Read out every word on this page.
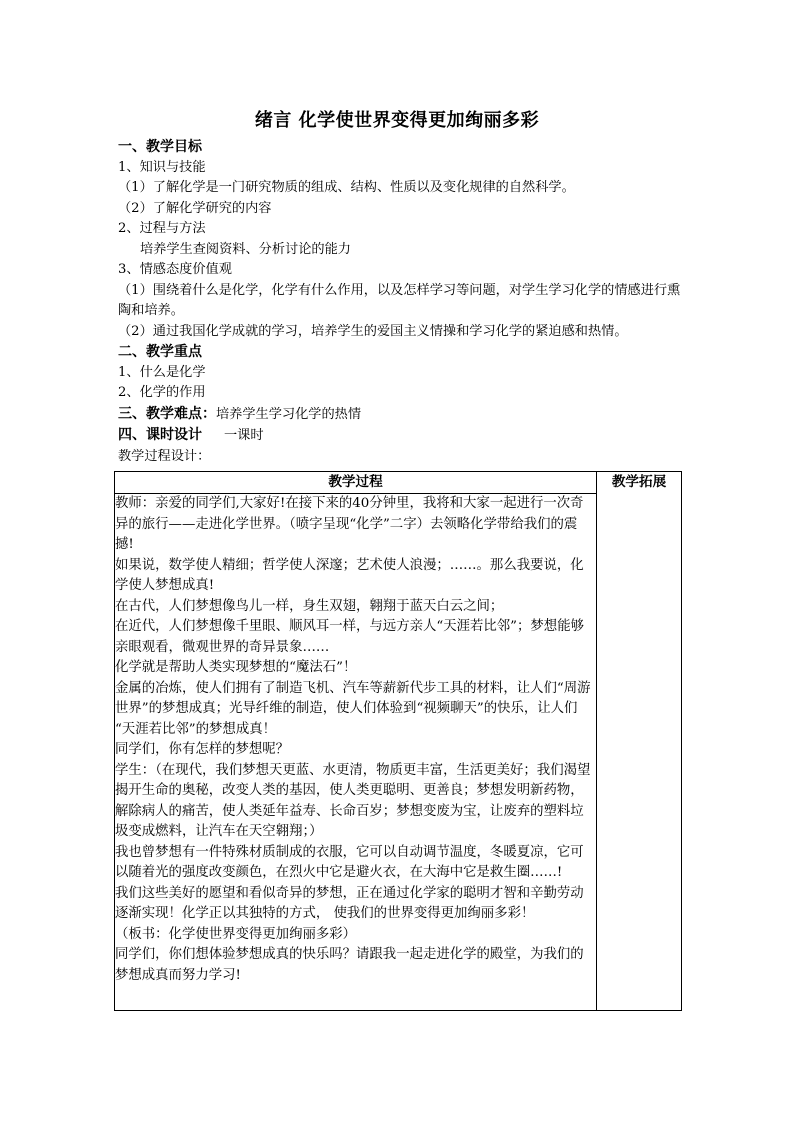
绪言 化学使世界变得更加绚丽多彩
一、教学目标
1、知识与技能
（1）了解化学是一门研究物质的组成、结构、性质以及变化规律的自然科学。
（2）了解化学研究的内容
2、过程与方法
培养学生查阅资料、分析讨论的能力
3、情感态度价值观
（1）围绕着什么是化学，化学有什么作用，以及怎样学习等问题，对学生学习化学的情感进行熏陶和培养。
（2）通过我国化学成就的学习，培养学生的爱国主义情操和学习化学的紧迫感和热情。
二、教学重点
1、什么是化学
2、化学的作用
三、教学难点：培养学生学习化学的热情
四、课时设计 一课时
教学过程设计：
教学过程	教学拓展

教师：亲爱的同学们,大家好!在接下来的40分钟里，我将和大家一起进行一次奇异的旅行——走进化学世界。（喷字呈现“化学”二字）去领略化学带给我们的震撼!
如果说，数学使人精细；哲学使人深邃；艺术使人浪漫；……。那么我要说，化学使人梦想成真!
在古代，人们梦想像鸟儿一样，身生双翅，翱翔于蓝天白云之间；
在近代，人们梦想像千里眼、顺风耳一样，与远方亲人“天涯若比邻”；梦想能够亲眼观看，微观世界的奇异景象……
化学就是帮助人类实现梦想的“魔法石”！
金属的冶炼，使人们拥有了制造飞机、汽车等薪新代步工具的材料，让人们“周游世界”的梦想成真；光导纤维的制造，使人们体验到“视频聊天”的快乐，让人们 “天涯若比邻”的梦想成真！
同学们，你有怎样的梦想呢？
学生：（在现代，我们梦想天更蓝、水更清，物质更丰富，生活更美好；我们渴望揭开生命的奥秘，改变人类的基因，使人类更聪明、更善良；梦想发明新药物，解除病人的痛苦，使人类延年益寿、长命百岁；梦想变废为宝，让废弃的塑料垃圾变成燃料，让汽车在天空翱翔；）
我也曾梦想有一件特殊材质制成的衣服，它可以自动调节温度，冬暖夏凉，它可以随着光的强度改变颜色，在烈火中它是避火衣，在大海中它是救生圈……!
我们这些美好的愿望和看似奇异的梦想，正在通过化学家的聪明才智和辛勤劳动逐渐实现！化学正以其独特的方式， 使我们的世界变得更加绚丽多彩！
（板书：化学使世界变得更加绚丽多彩）
同学们，你们想体验梦想成真的快乐吗？请跟我一起走进化学的殿堂，为我们的梦想成真而努力学习!
